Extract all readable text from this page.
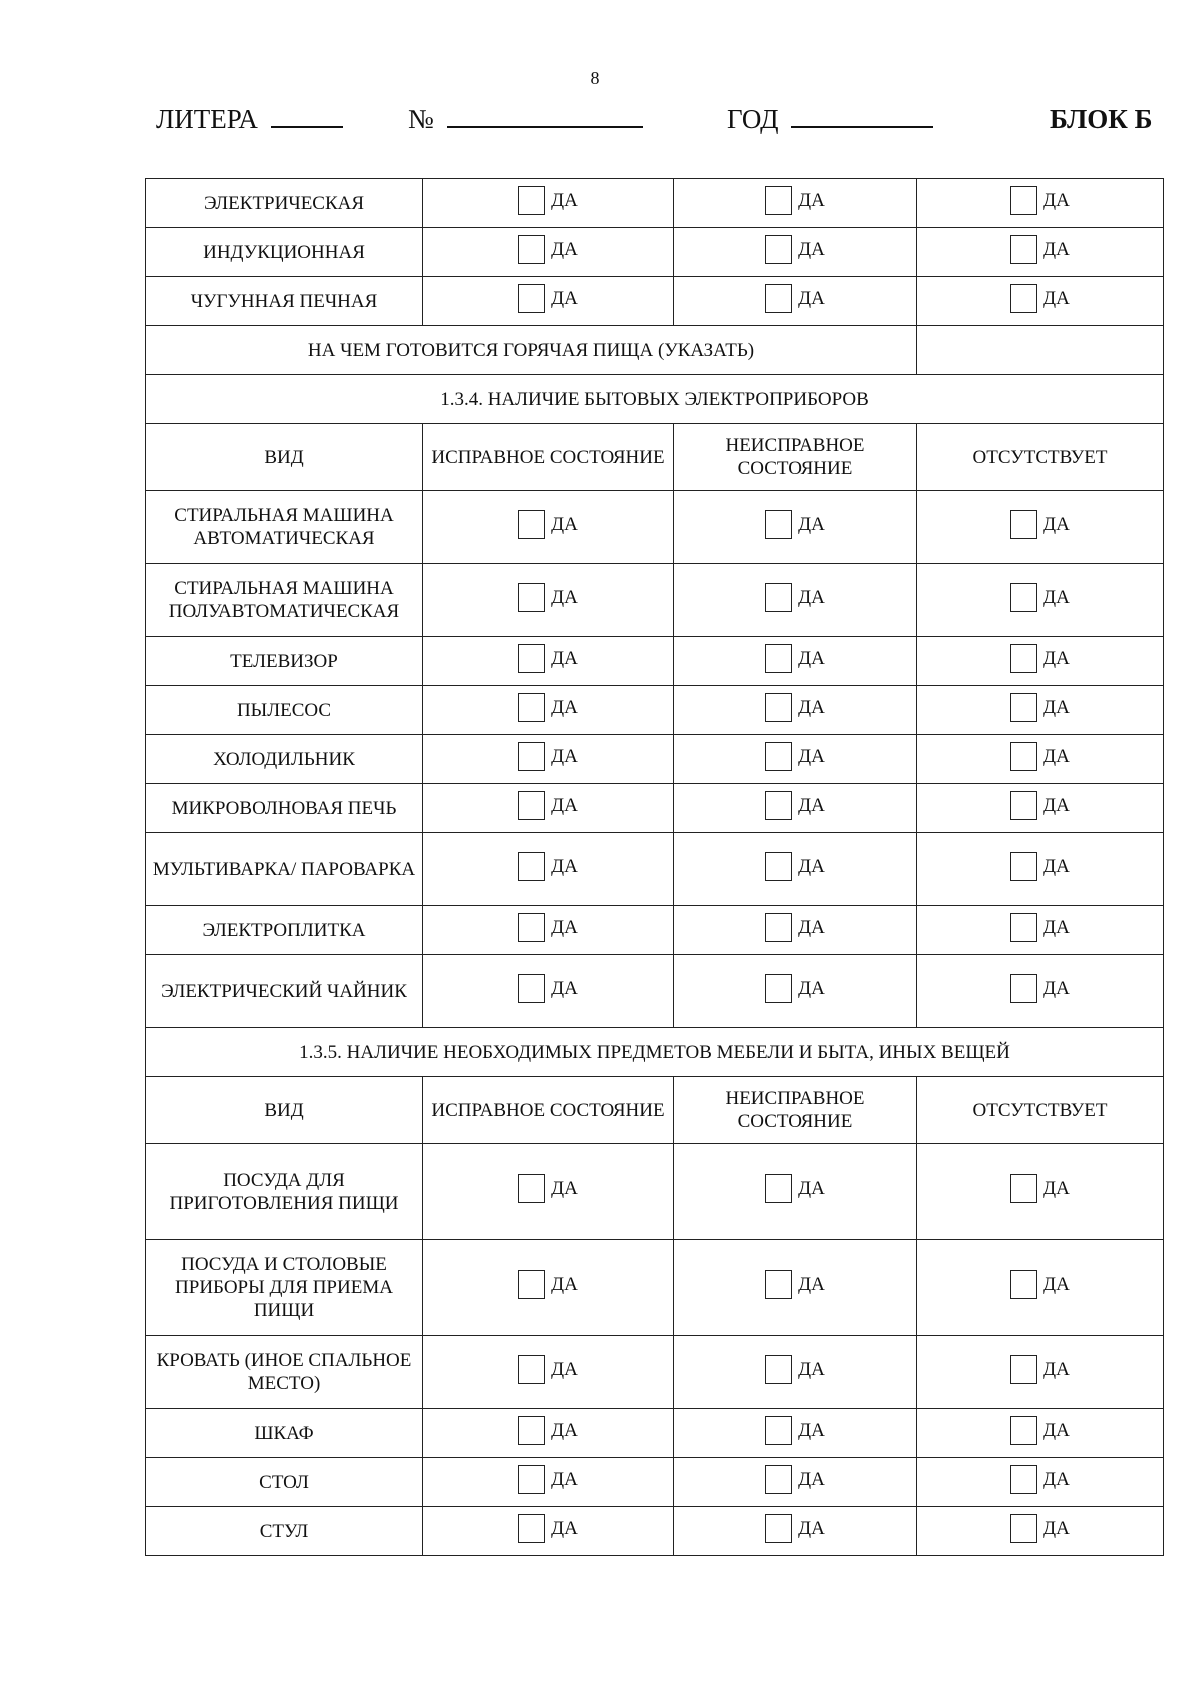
8
ЛИТЕРА	№	ГОД	БЛОК Б
ЭЛЕКТРИЧЕСКАЯ	ДА	ДА	ДА

ИНДУКЦИОННАЯ	ДА	ДА	ДА

ЧУГУННАЯ ПЕЧНАЯ	ДА	ДА	ДА

НА ЧЕМ ГОТОВИТСЯ ГОРЯЧАЯ ПИЩА (УКАЗАТЬ)			
1.3.4. НАЛИЧИЕ БЫТОВЫХ ЭЛЕКТРОПРИБОРОВ			
ВИД	ИСПРАВНОЕ СОСТОЯНИЕ	НЕИСПРАВНОЕ СОСТОЯНИЕ	ОТСУТСТВУЕТ
СТИРАЛЬНАЯ МАШИНА АВТОМАТИЧЕСКАЯ	ДА	ДА	ДА

СТИРАЛЬНАЯ МАШИНА ПОЛУАВТОМАТИЧЕСКАЯ	ДА	ДА	ДА

ТЕЛЕВИЗОР	ДА	ДА	ДА

ПЫЛЕСОС	ДА	ДА	ДА

ХОЛОДИЛЬНИК	ДА	ДА	ДА

МИКРОВОЛНОВАЯ ПЕЧЬ	ДА	ДА	ДА

МУЛЬТИВАРКА/ ПАРОВАРКА	ДА	ДА	ДА

ЭЛЕКТРОПЛИТКА	ДА	ДА	ДА

ЭЛЕКТРИЧЕСКИЙ ЧАЙНИК	ДА	ДА	ДА

1.3.5. НАЛИЧИЕ НЕОБХОДИМЫХ ПРЕДМЕТОВ МЕБЕЛИ И БЫТА, ИНЫХ ВЕЩЕЙ			
ВИД	ИСПРАВНОЕ СОСТОЯНИЕ	НЕИСПРАВНОЕ СОСТОЯНИЕ	ОТСУТСТВУЕТ
ПОСУДА ДЛЯ ПРИГОТОВЛЕНИЯ ПИЩИ	ДА	ДА	ДА

ПОСУДА И СТОЛОВЫЕ ПРИБОРЫ ДЛЯ ПРИЕМА ПИЩИ	ДА	ДА	ДА

КРОВАТЬ (ИНОЕ СПАЛЬНОЕ МЕСТО)	ДА	ДА	ДА

ШКАФ	ДА	ДА	ДА

СТОЛ	ДА	ДА	ДА

СТУЛ	ДА	ДА	ДА
